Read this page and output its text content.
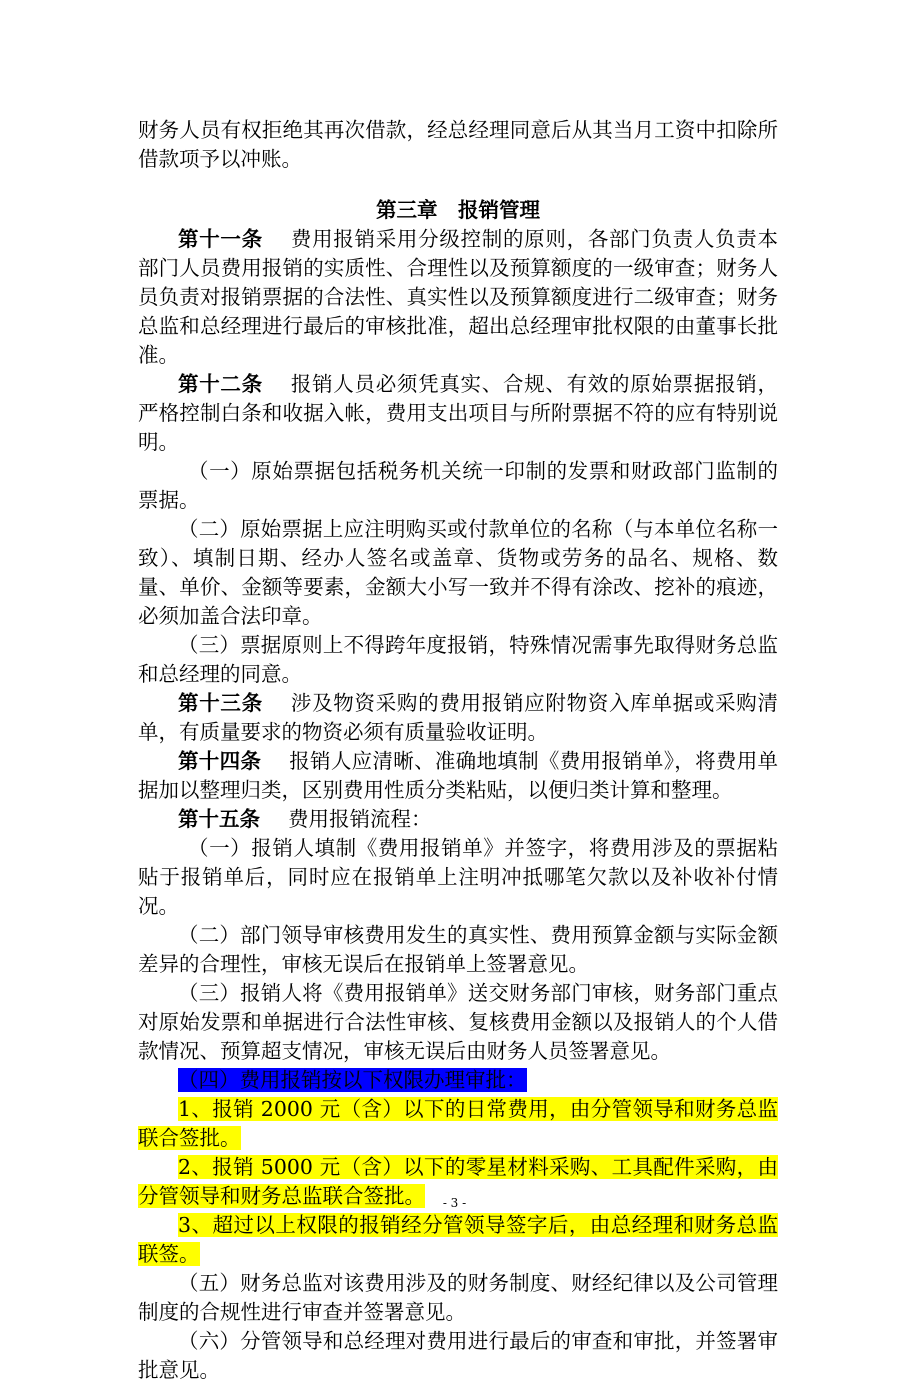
财务人员有权拒绝其再次借款，经总经理同意后从其当月工资中扣除所借款项予以冲账。

第三章　报销管理

第十一条 费用报销采用分级控制的原则，各部门负责人负责本部门人员费用报销的实质性、合理性以及预算额度的一级审查；财务人员负责对报销票据的合法性、真实性以及预算额度进行二级审查；财务总监和总经理进行最后的审核批准，超出总经理审批权限的由董事长批准。

第十二条 报销人员必须凭真实、合规、有效的原始票据报销，严格控制白条和收据入帐，费用支出项目与所附票据不符的应有特别说明。

（一）原始票据包括税务机关统一印制的发票和财政部门监制的票据。

（二）原始票据上应注明购买或付款单位的名称（与本单位名称一致）、填制日期、经办人签名或盖章、货物或劳务的品名、规格、数量、单价、金额等要素，金额大小写一致并不得有涂改、挖补的痕迹，必须加盖合法印章。

（三）票据原则上不得跨年度报销，特殊情况需事先取得财务总监和总经理的同意。

第十三条 涉及物资采购的费用报销应附物资入库单据或采购清单，有质量要求的物资必须有质量验收证明。

第十四条 报销人应清晰、准确地填制《费用报销单》，将费用单据加以整理归类，区别费用性质分类粘贴，以便归类计算和整理。

第十五条 费用报销流程：

（一）报销人填制《费用报销单》并签字，将费用涉及的票据粘贴于报销单后，同时应在报销单上注明冲抵哪笔欠款以及补收补付情况。

（二）部门领导审核费用发生的真实性、费用预算金额与实际金额差异的合理性，审核无误后在报销单上签署意见。

（三）报销人将《费用报销单》送交财务部门审核，财务部门重点对原始发票和单据进行合法性审核、复核费用金额以及报销人的个人借款情况、预算超支情况，审核无误后由财务人员签署意见。

（四）费用报销按以下权限办理审批：

1、报销 2000 元（含）以下的日常费用，由分管领导和财务总监联合签批。

2、报销 5000 元（含）以下的零星材料采购、工具配件采购，由分管领导和财务总监联合签批。

3、超过以上权限的报销经分管领导签字后，由总经理和财务总监联签。

（五）财务总监对该费用涉及的财务制度、财经纪律以及公司管理制度的合规性进行审查并签署意见。

（六）分管领导和总经理对费用进行最后的审查和审批，并签署审批意见。

- 3 -
